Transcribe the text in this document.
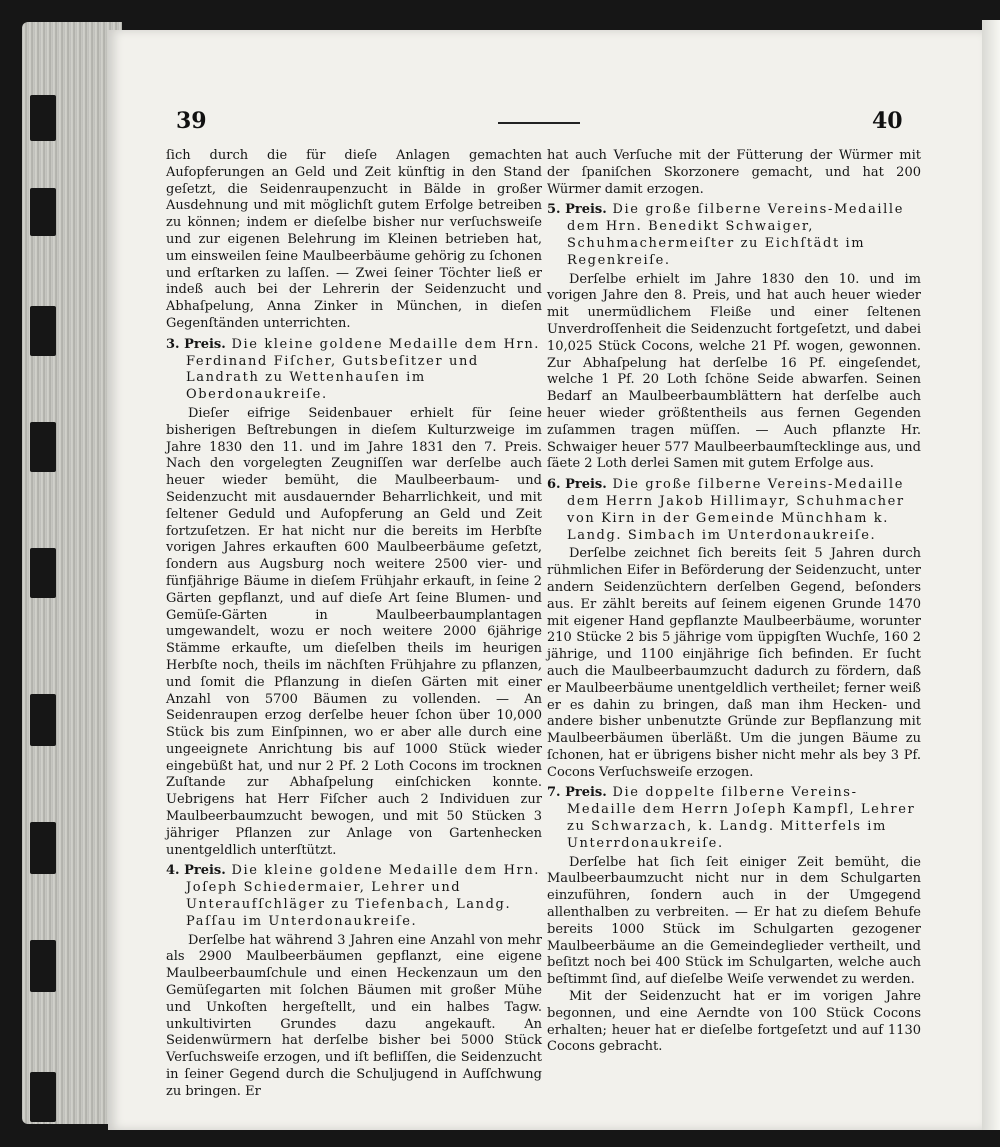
39	40

ſich durch die für dieſe Anlagen gemachten Aufopferungen an Geld und Zeit künftig in den Stand geſetzt, die Seidenraupenzucht in Bälde in großer Ausdehnung und mit möglichſt gutem Erfolge betreiben zu können; indem er dieſelbe bisher nur verſuchsweiſe und zur eigenen Belehrung im Kleinen betrieben hat, um einsweilen ſeine Maulbeerbäume gehörig zu ſchonen und erſtarken zu laſſen. — Zwei ſeiner Töchter ließ er indeß auch bei der Lehrerin der Seidenzucht und Abhaſpelung, Anna Zinker in München, in dieſen Gegenſtänden unterrichten.

3. Preis. Die kleine goldene Medaille dem Hrn. Ferdinand Fiſcher, Gutsbeſitzer und Landrath zu Wettenhauſen im Oberdonaukreiſe.

Dieſer eifrige Seidenbauer erhielt für ſeine bisherigen Beſtrebungen in dieſem Kulturzweige im Jahre 1830 den 11. und im Jahre 1831 den 7. Preis. Nach den vorgelegten Zeugniſſen war derſelbe auch heuer wieder bemüht, die Maulbeerbaum- und Seidenzucht mit ausdauernder Beharrlichkeit, und mit ſeltener Geduld und Aufopferung an Geld und Zeit fortzuſetzen. Er hat nicht nur die bereits im Herbſte vorigen Jahres erkauften 600 Maulbeerbäume geſetzt, ſondern aus Augsburg noch weitere 2500 vier- und fünfjährige Bäume in dieſem Frühjahr erkauft, in ſeine 2 Gärten gepflanzt, und auf dieſe Art ſeine Blumen- und Gemüſe-Gärten in Maulbeerbaumplantagen umgewandelt, wozu er noch weitere 2000 6jährige Stämme erkaufte, um dieſelben theils im heurigen Herbſte noch, theils im nächſten Frühjahre zu pflanzen, und ſomit die Pflanzung in dieſen Gärten mit einer Anzahl von 5700 Bäumen zu vollenden. — An Seidenraupen erzog derſelbe heuer ſchon über 10,000 Stück bis zum Einſpinnen, wo er aber alle durch eine ungeeignete Anrichtung bis auf 1000 Stück wieder eingebüßt hat, und nur 2 Pf. 2 Loth Cocons im trocknen Zuſtande zur Abhaſpelung einſchicken konnte. Uebrigens hat Herr Fiſcher auch 2 Individuen zur Maulbeerbaumzucht bewogen, und mit 50 Stücken 3 jähriger Pflanzen zur Anlage von Gartenhecken unentgeldlich unterſtützt.

4. Preis. Die kleine goldene Medaille dem Hrn. Joſeph Schiedermaier, Lehrer und Unteraufſchläger zu Tiefenbach, Landg. Paſſau im Unterdonaukreiſe.

Derſelbe hat während 3 Jahren eine Anzahl von mehr als 2900 Maulbeerbäumen gepflanzt, eine eigene Maulbeerbaumſchule und einen Heckenzaun um den Gemüſegarten mit ſolchen Bäumen mit großer Mühe und Unkoſten hergeſtellt, und ein halbes Tagw. unkultivirten Grundes dazu angekauft. An Seidenwürmern hat derſelbe bisher bei 5000 Stück Verſuchsweiſe erzogen, und iſt befliſſen, die Seidenzucht in ſeiner Gegend durch die Schuljugend in Aufſchwung zu bringen. Er

hat auch Verſuche mit der Fütterung der Würmer mit der ſpaniſchen Skorzonere gemacht, und hat 200 Würmer damit erzogen.

5. Preis. Die große ſilberne Vereins-Medaille dem Hrn. Benedikt Schwaiger, Schuhmachermeiſter zu Eichſtädt im Regenkreiſe.

Derſelbe erhielt im Jahre 1830 den 10. und im vorigen Jahre den 8. Preis, und hat auch heuer wieder mit unermüdlichem Fleiße und einer ſeltenen Unverdroſſenheit die Seidenzucht fortgeſetzt, und dabei 10,025 Stück Cocons, welche 21 Pf. wogen, gewonnen. Zur Abhaſpelung hat derſelbe 16 Pf. eingeſendet, welche 1 Pf. 20 Loth ſchöne Seide abwarfen. Seinen Bedarf an Maulbeerbaumblättern hat derſelbe auch heuer wieder größtentheils aus fernen Gegenden zuſammen tragen müſſen. — Auch pflanzte Hr. Schwaiger heuer 577 Maulbeerbaumſtecklinge aus, und ſäete 2 Loth derlei Samen mit gutem Erfolge aus.

6. Preis. Die große ſilberne Vereins-Medaille dem Herrn Jakob Hillimayr, Schuhmacher von Kirn in der Gemeinde Münchham k. Landg. Simbach im Unterdonaukreiſe.

Derſelbe zeichnet ſich bereits ſeit 5 Jahren durch rühmlichen Eifer in Beförderung der Seidenzucht, unter andern Seidenzüchtern derſelben Gegend, beſonders aus. Er zählt bereits auf ſeinem eigenen Grunde 1470 mit eigener Hand gepflanzte Maulbeerbäume, worunter 210 Stücke 2 bis 5 jährige vom üppigſten Wuchſe, 160 2 jährige, und 1100 einjährige ſich befinden. Er ſucht auch die Maulbeerbaumzucht dadurch zu fördern, daß er Maulbeerbäume unentgeldlich vertheilet; ferner weiß er es dahin zu bringen, daß man ihm Hecken- und andere bisher unbenutzte Gründe zur Bepflanzung mit Maulbeerbäumen überläßt. Um die jungen Bäume zu ſchonen, hat er übrigens bisher nicht mehr als bey 3 Pf. Cocons Verſuchsweiſe erzogen.

7. Preis. Die doppelte ſilberne Vereins-Medaille dem Herrn Joſeph Kampfl, Lehrer zu Schwarzach, k. Landg. Mitterfels im Unterrdonaukreiſe.

Derſelbe hat ſich ſeit einiger Zeit bemüht, die Maulbeerbaumzucht nicht nur in dem Schulgarten einzuführen, ſondern auch in der Umgegend allenthalben zu verbreiten. — Er hat zu dieſem Behufe bereits 1000 Stück im Schulgarten gezogener Maulbeerbäume an die Gemeindeglieder vertheilt, und beſitzt noch bei 400 Stück im Schulgarten, welche auch beſtimmt ſind, auf dieſelbe Weiſe verwendet zu werden.

Mit der Seidenzucht hat er im vorigen Jahre begonnen, und eine Aerndte von 100 Stück Cocons erhalten; heuer hat er dieſelbe fortgeſetzt und auf 1130 Cocons gebracht.
